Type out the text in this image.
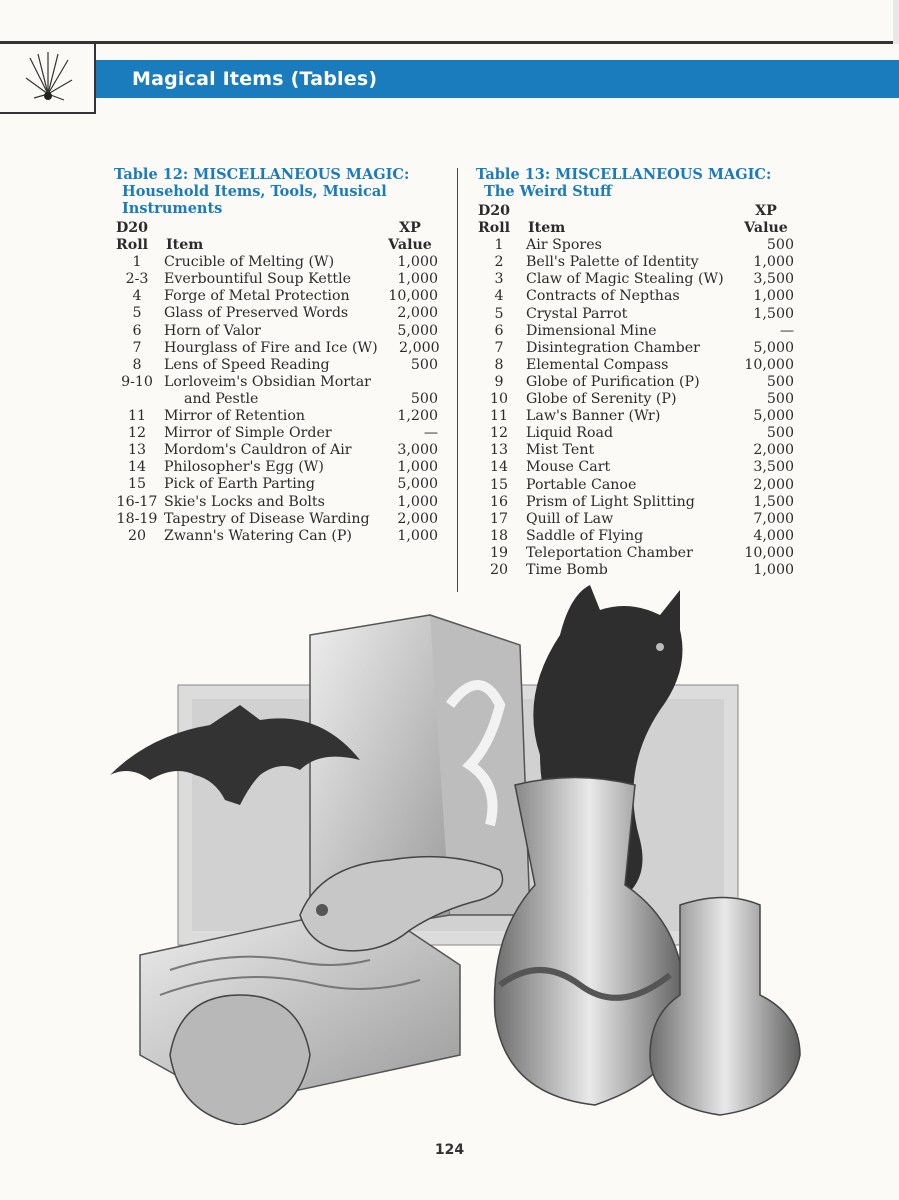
Magical Items (Tables)
Table 12: MISCELLANEOUS MAGIC:
Household Items, Tools, Musical Instruments
D20	XP
Roll	Item	Value
1	Crucible of Melting (W)	1,000
2-3	Everbountiful Soup Kettle	1,000
4	Forge of Metal Protection	10,000
5	Glass of Preserved Words	2,000
6	Horn of Valor	5,000
7	Hourglass of Fire and Ice (W)	2,000
8	Lens of Speed Reading	500
9-10 Lorloveim's Obsidian Mortar
and Pestle	500
11	Mirror of Retention	1,200
12	Mirror of Simple Order	—
13	Mordom's Cauldron of Air	3,000
14	Philosopher's Egg (W)	1,000
15	Pick of Earth Parting	5,000
16-17 Skie's Locks and Bolts	1,000
18-19 Tapestry of Disease Warding	2,000
20	Zwann's Watering Can (P)	1,000
Table 13: MISCELLANEOUS MAGIC:
The Weird Stuff
D20	XP
Roll	Item	Value
1	Air Spores	500
2	Bell's Palette of Identity	1,000
3	Claw of Magic Stealing (W)	3,500
4	Contracts of Nepthas	1,000
5	Crystal Parrot	1,500
6	Dimensional Mine	—
7	Disintegration Chamber	5,000
8	Elemental Compass	10,000
9	Globe of Purification (P)	500
10	Globe of Serenity (P)	500
11	Law's Banner (Wr)	5,000
12	Liquid Road	500
13	Mist Tent	2,000
14	Mouse Cart	3,500
15	Portable Canoe	2,000
16	Prism of Light Splitting	1,500
17	Quill of Law	7,000
18	Saddle of Flying	4,000
19	Teleportation Chamber	10,000
20	Time Bomb	1,000
124
